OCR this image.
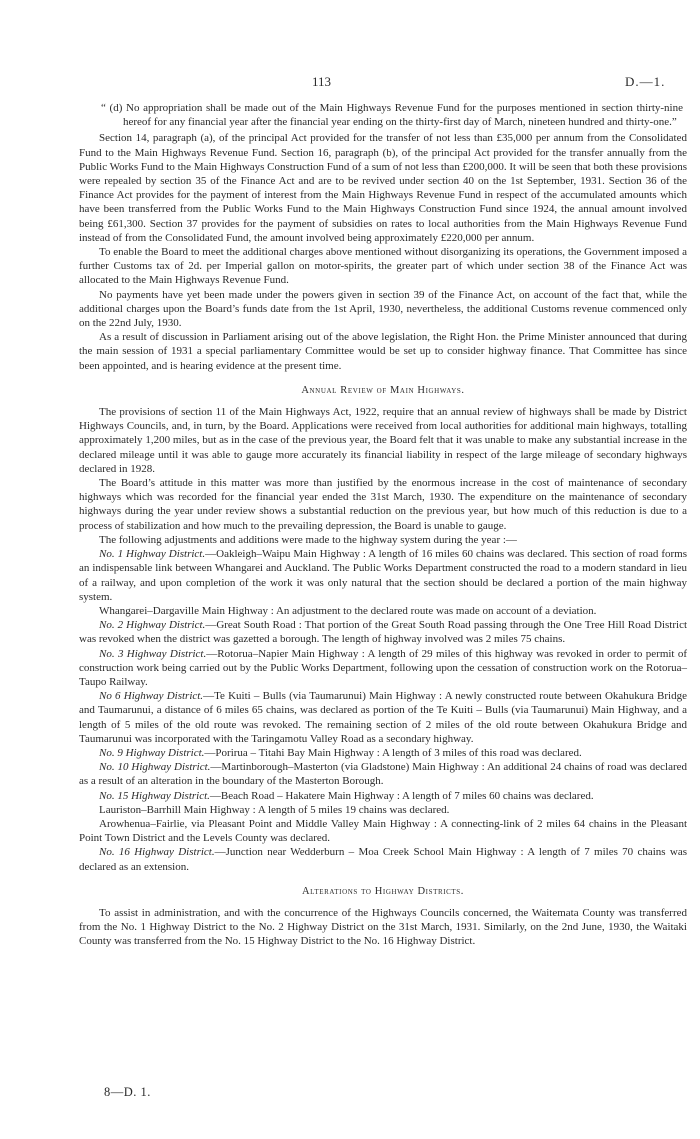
113	D.—1.

“ (d) No appropriation shall be made out of the Main Highways Revenue Fund for the purposes mentioned in section thirty-nine hereof for any financial year after the financial year ending on the thirty-first day of March, nineteen hundred and thirty-one.”

Section 14, paragraph (a), of the principal Act provided for the transfer of not less than £35,000 per annum from the Consolidated Fund to the Main Highways Revenue Fund. Section 16, paragraph (b), of the principal Act provided for the transfer annually from the Public Works Fund to the Main Highways Construction Fund of a sum of not less than £200,000. It will be seen that both these provisions were repealed by section 35 of the Finance Act and are to be revived under section 40 on the 1st September, 1931. Section 36 of the Finance Act provides for the payment of interest from the Main Highways Revenue Fund in respect of the accumulated amounts which have been transferred from the Public Works Fund to the Main Highways Construction Fund since 1924, the annual amount involved being £61,300. Section 37 provides for the payment of subsidies on rates to local authorities from the Main Highways Revenue Fund instead of from the Consolidated Fund, the amount involved being approximately £220,000 per annum.

To enable the Board to meet the additional charges above mentioned without disorganizing its operations, the Government imposed a further Customs tax of 2d. per Imperial gallon on motor-spirits, the greater part of which under section 38 of the Finance Act was allocated to the Main Highways Revenue Fund.

No payments have yet been made under the powers given in section 39 of the Finance Act, on account of the fact that, while the additional charges upon the Board’s funds date from the 1st April, 1930, nevertheless, the additional Customs revenue commenced only on the 22nd July, 1930.

As a result of discussion in Parliament arising out of the above legislation, the Right Hon. the Prime Minister announced that during the main session of 1931 a special parliamentary Committee would be set up to consider highway finance. That Committee has since been appointed, and is hearing evidence at the present time.

Annual Review of Main Highways.

The provisions of section 11 of the Main Highways Act, 1922, require that an annual review of highways shall be made by District Highways Councils, and, in turn, by the Board. Applications were received from local authorities for additional main highways, totalling approximately 1,200 miles, but as in the case of the previous year, the Board felt that it was unable to make any substantial increase in the declared mileage until it was able to gauge more accurately its financial liability in respect of the large mileage of secondary highways declared in 1928.

The Board’s attitude in this matter was more than justified by the enormous increase in the cost of maintenance of secondary highways which was recorded for the financial year ended the 31st March, 1930. The expenditure on the maintenance of secondary highways during the year under review shows a substantial reduction on the previous year, but how much of this reduction is due to a process of stabilization and how much to the prevailing depression, the Board is unable to gauge.

The following adjustments and additions were made to the highway system during the year :—

No. 1 Highway District.—Oakleigh–Waipu Main Highway : A length of 16 miles 60 chains was declared. This section of road forms an indispensable link between Whangarei and Auckland. The Public Works Department constructed the road to a modern standard in lieu of a railway, and upon completion of the work it was only natural that the section should be declared a portion of the main highway system.

Whangarei–Dargaville Main Highway : An adjustment to the declared route was made on account of a deviation.

No. 2 Highway District.—Great South Road : That portion of the Great South Road passing through the One Tree Hill Road District was revoked when the district was gazetted a borough. The length of highway involved was 2 miles 75 chains.

No. 3 Highway District.—Rotorua–Napier Main Highway : A length of 29 miles of this highway was revoked in order to permit of construction work being carried out by the Public Works Department, following upon the cessation of construction work on the Rotorua–Taupo Railway.

No 6 Highway District.—Te Kuiti – Bulls (via Taumarunui) Main Highway : A newly constructed route between Okahukura Bridge and Taumarunui, a distance of 6 miles 65 chains, was declared as portion of the Te Kuiti – Bulls (via Taumarunui) Main Highway, and a length of 5 miles of the old route was revoked. The remaining section of 2 miles of the old route between Okahukura Bridge and Taumarunui was incorporated with the Taringamotu Valley Road as a secondary highway.

No. 9 Highway District.—Porirua – Titahi Bay Main Highway : A length of 3 miles of this road was declared.

No. 10 Highway District.—Martinborough–Masterton (via Gladstone) Main Highway : An additional 24 chains of road was declared as a result of an alteration in the boundary of the Masterton Borough.

No. 15 Highway District.—Beach Road – Hakatere Main Highway : A length of 7 miles 60 chains was declared.

Lauriston–Barrhill Main Highway : A length of 5 miles 19 chains was declared.

Arowhenua–Fairlie, via Pleasant Point and Middle Valley Main Highway : A connecting-link of 2 miles 64 chains in the Pleasant Point Town District and the Levels County was declared.

No. 16 Highway District.—Junction near Wedderburn – Moa Creek School Main Highway : A length of 7 miles 70 chains was declared as an extension.

Alterations to Highway Districts.

To assist in administration, and with the concurrence of the Highways Councils concerned, the Waitemata County was transferred from the No. 1 Highway District to the No. 2 Highway District on the 31st March, 1931. Similarly, on the 2nd June, 1930, the Waitaki County was transferred from the No. 15 Highway District to the No. 16 Highway District.

8—D. 1.
